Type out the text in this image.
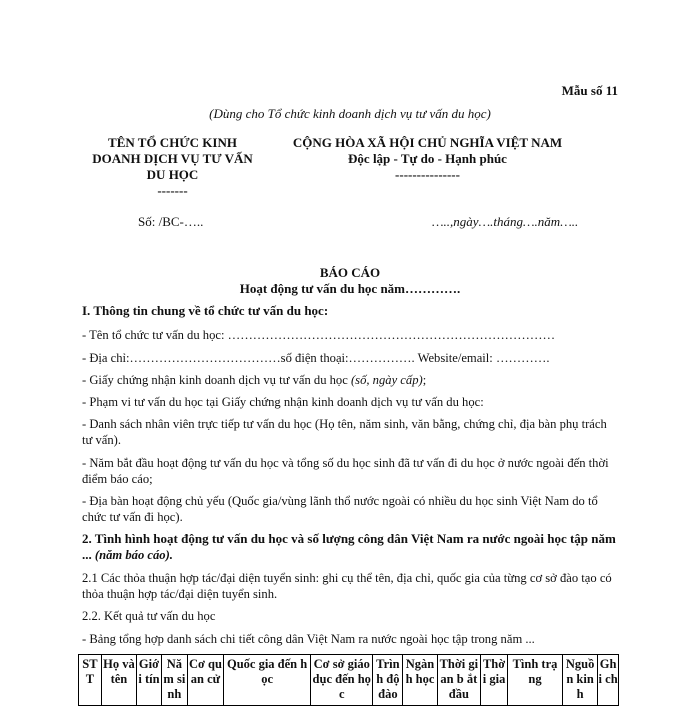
Mẫu số 11
(Dùng cho Tổ chức kinh doanh dịch vụ tư vấn du học)
TÊN TỔ CHỨC KINH
DOANH DỊCH VỤ TƯ VẤN
DU HỌC
-------
CỘNG HÒA XÃ HỘI CHỦ NGHĨA VIỆT NAM
Độc lập - Tự do - Hạnh phúc
---------------
Số: /BC-…..	…..,ngày….tháng….năm…..
BÁO CÁO
Hoạt động tư vấn du học năm………….
I. Thông tin chung về tổ chức tư vấn du học:
- Tên tổ chức tư vấn du học: ……………………………………………………………………
- Địa chỉ:………………………………số điện thoại:……………. Website/email: ………….
- Giấy chứng nhận kinh doanh dịch vụ tư vấn du học (số, ngày cấp);
- Phạm vi tư vấn du học tại Giấy chứng nhận kinh doanh dịch vụ tư vấn du học:
- Danh sách nhân viên trực tiếp tư vấn du học (Họ tên, năm sinh, văn bằng, chứng chỉ, địa bàn phụ trách tư vấn).
- Năm bắt đầu hoạt động tư vấn du học và tổng số du học sinh đã tư vấn đi du học ở nước ngoài đến thời điểm báo cáo;
- Địa bàn hoạt động chủ yếu (Quốc gia/vùng lãnh thổ nước ngoài có nhiều du học sinh Việt Nam do tổ chức tư vấn đi học).
2. Tình hình hoạt động tư vấn du học và số lượng công dân Việt Nam ra nước ngoài học tập năm ... (năm báo cáo).
2.1 Các thỏa thuận hợp tác/đại diện tuyển sinh: ghi cụ thể tên, địa chỉ, quốc gia của từng cơ sở đào tạo có thỏa thuận hợp tác/đại diện tuyển sinh.
2.2. Kết quả tư vấn du học
- Bảng tổng hợp danh sách chi tiết công dân Việt Nam ra nước ngoài học tập trong năm ...
ST T	Họ và tên	Giớ i tín	Nă m sinh	Cơ quan cử	Quốc gia đến học	Cơ sở giáo dục đến học	Trìn h độ đào	Ngàn h học	Thời gian b ắt đầu	Thờ i gia	Tình trạ ng	Nguồ n kinh	Gh i ch
